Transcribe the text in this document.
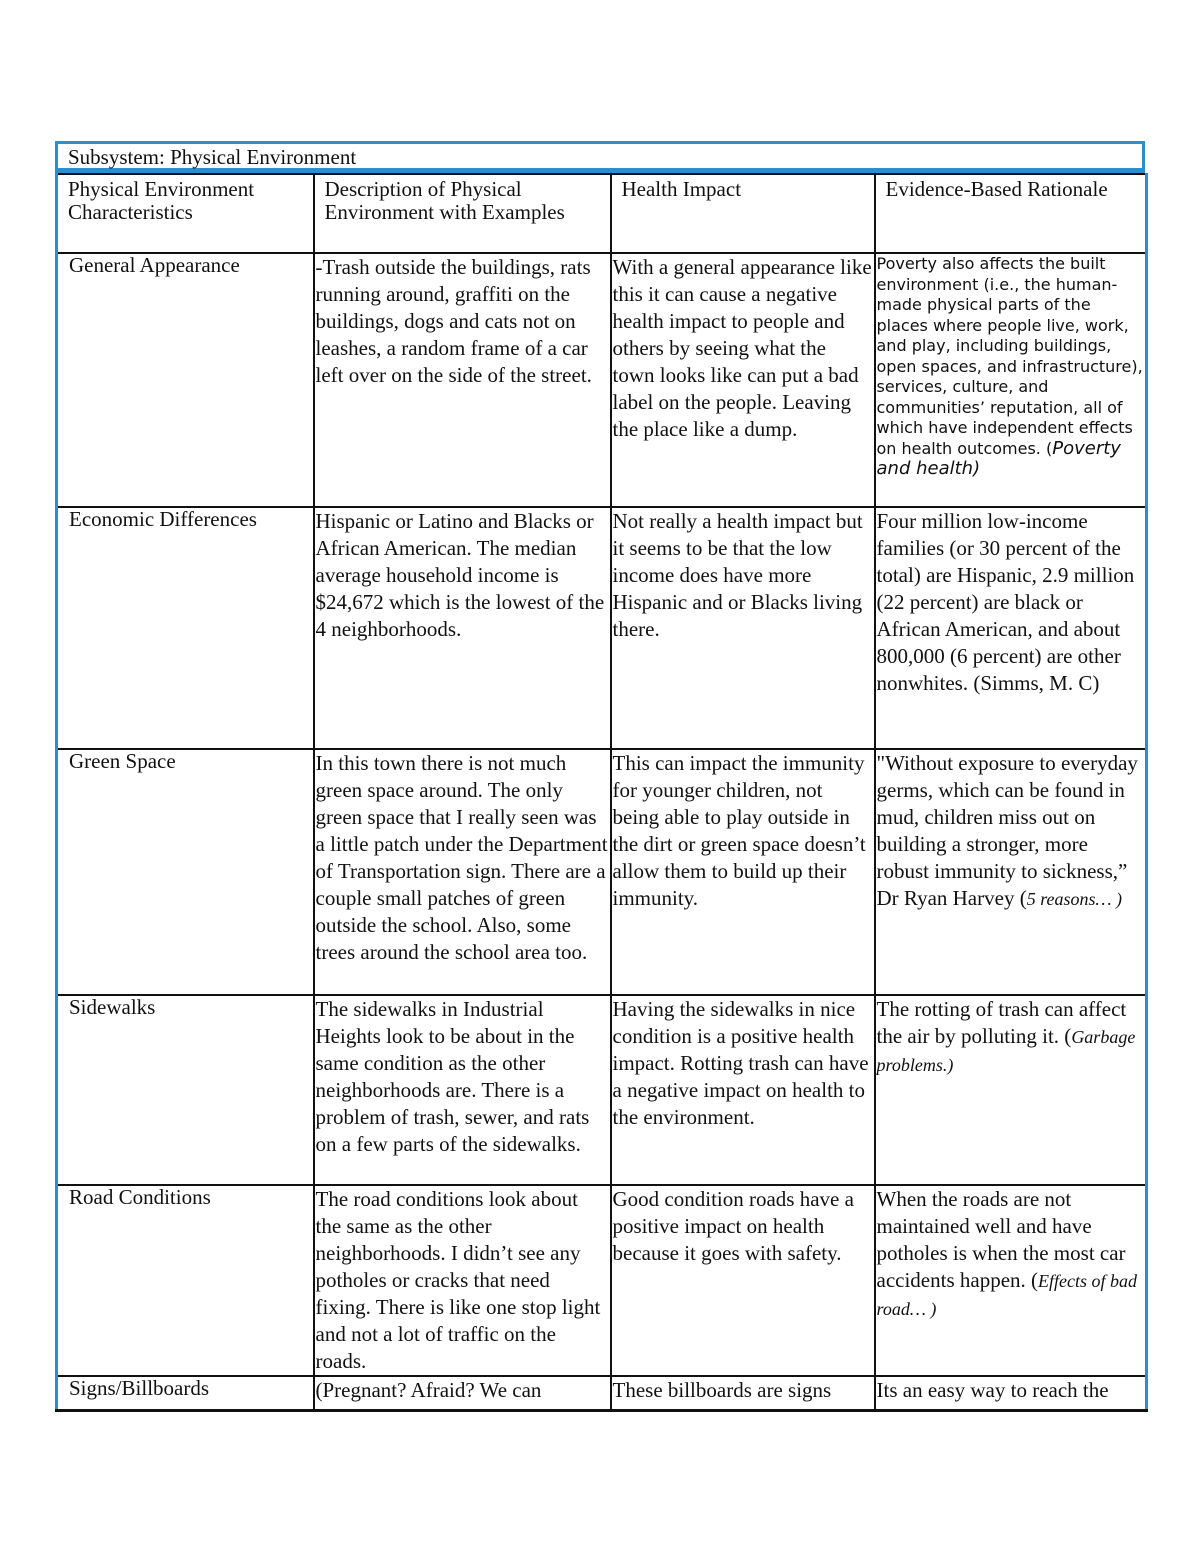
Subsystem: Physical Environment
Physical Environment Characteristics	Description of Physical Environment with Examples	Health Impact	Evidence-Based Rationale
General Appearance	-Trash outside the buildings, rats running around, graffiti on the buildings, dogs and cats not on leashes, a random frame of a car left over on the side of the street.	With a general appearance like this it can cause a negative health impact to people and others by seeing what the town looks like can put a bad label on the people. Leaving the place like a dump.	Poverty also affects the built environment (i.e., the human-made physical parts of the places where people live, work, and play, including buildings, open spaces, and infrastructure), services, culture, and communities’ reputation, all of which have independent effects on health outcomes. (Poverty and health)
Economic Differences	Hispanic or Latino and Blacks or African American. The median average household income is $24,672 which is the lowest of the 4 neighborhoods.	Not really a health impact but it seems to be that the low income does have more Hispanic and or Blacks living there.	Four million low-income families (or 30 percent of the total) are Hispanic, 2.9 million (22 percent) are black or African American, and about 800,000 (6 percent) are other nonwhites. (Simms, M. C)
Green Space	In this town there is not much green space around. The only green space that I really seen was a little patch under the Department of Transportation sign. There are a couple small patches of green outside the school. Also, some trees around the school area too.	This can impact the immunity for younger children, not being able to play outside in the dirt or green space doesn’t allow them to build up their immunity.	"Without exposure to everyday germs, which can be found in mud, children miss out on building a stronger, more robust immunity to sickness,” Dr Ryan Harvey (5 reasons… )
Sidewalks	The sidewalks in Industrial Heights look to be about in the same condition as the other neighborhoods are. There is a problem of trash, sewer, and rats on a few parts of the sidewalks.	Having the sidewalks in nice condition is a positive health impact. Rotting trash can have a negative impact on health to the environment.	The rotting of trash can affect the air by polluting it. (Garbage problems.)
Road Conditions	The road conditions look about the same as the other neighborhoods. I didn’t see any potholes or cracks that need fixing. There is like one stop light and not a lot of traffic on the roads.	Good condition roads have a positive impact on health because it goes with safety.	When the roads are not maintained well and have potholes is when the most car accidents happen. (Effects of bad road… )
Signs/Billboards	(Pregnant? Afraid? We can	These billboards are signs	Its an easy way to reach the
